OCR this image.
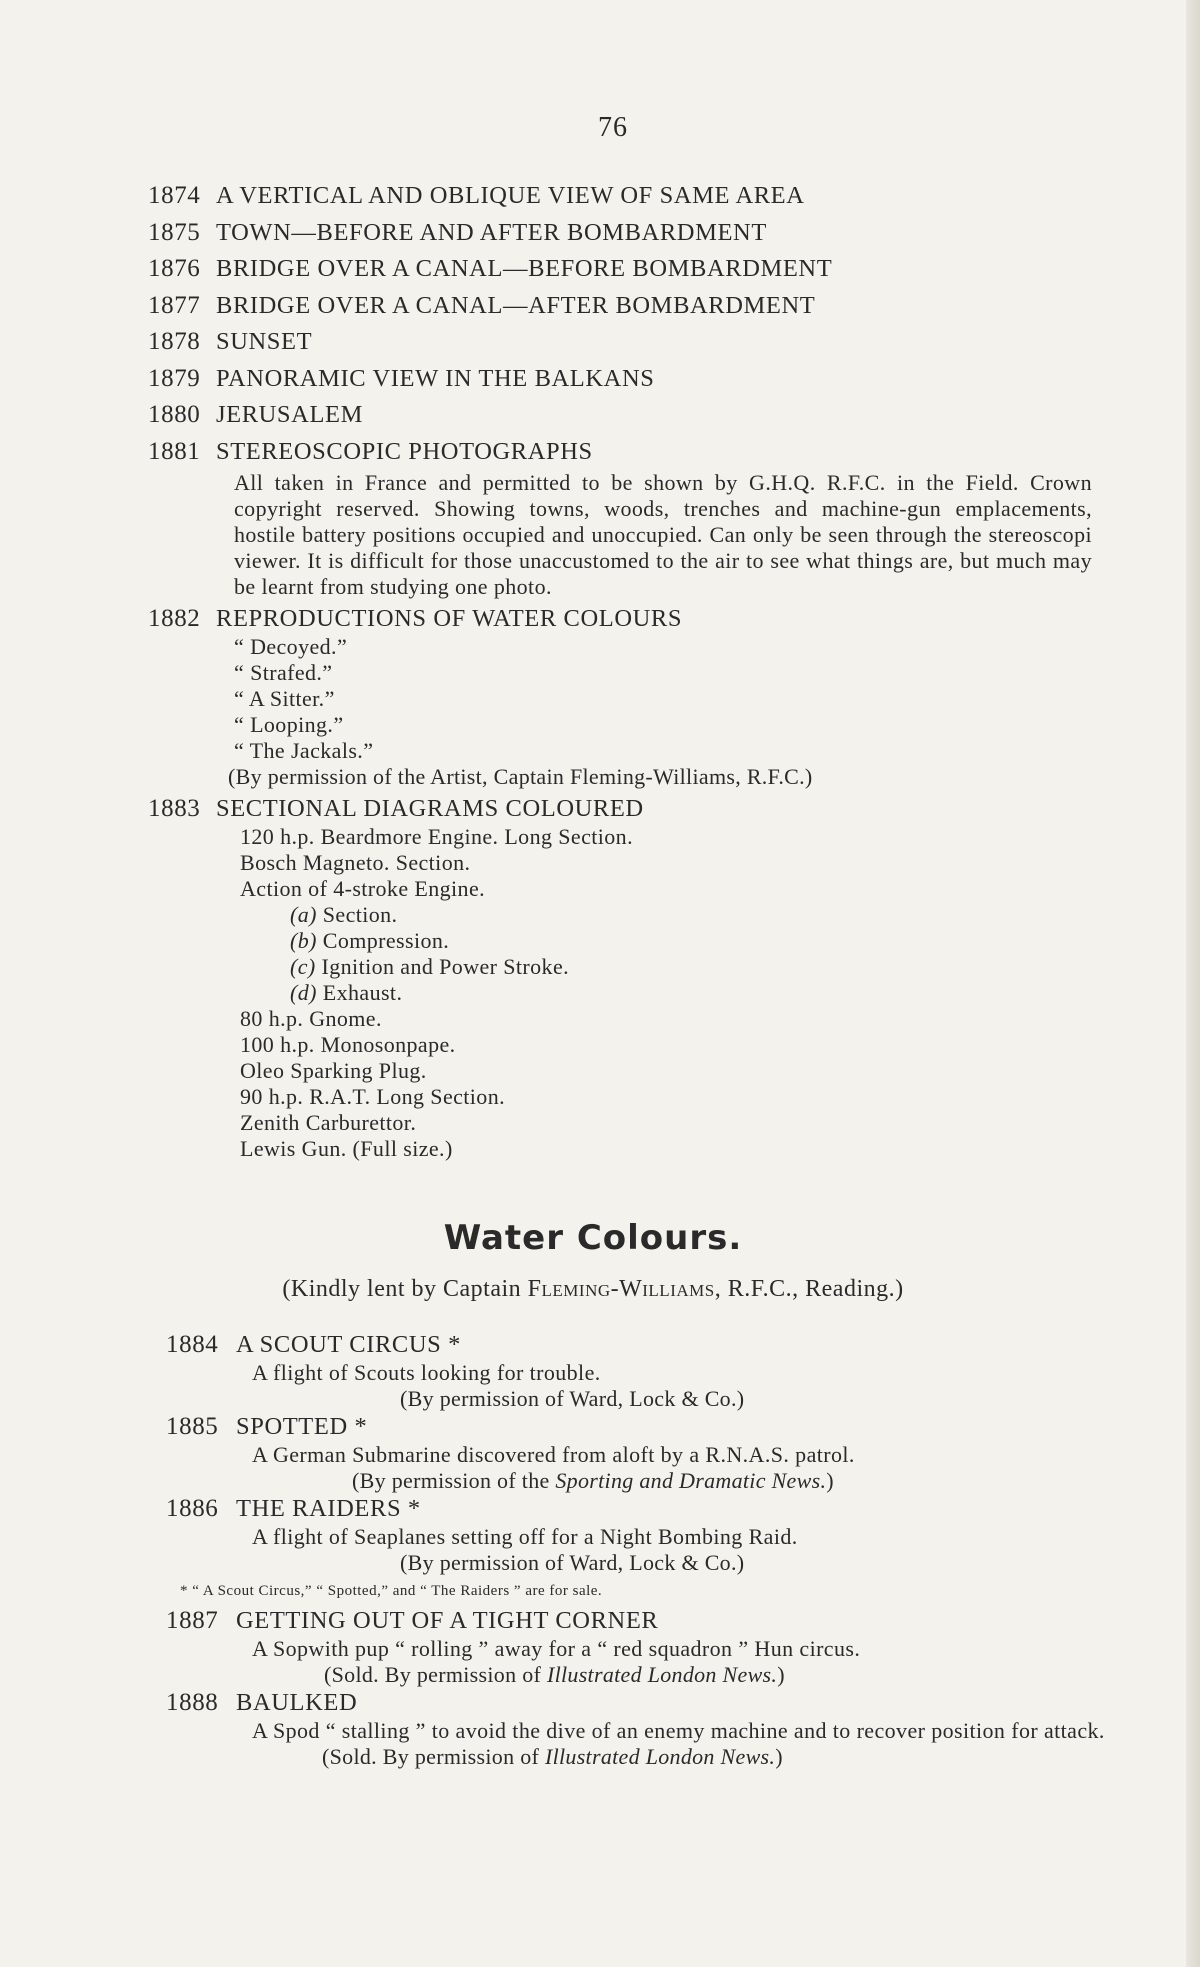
76
1874 A VERTICAL AND OBLIQUE VIEW OF SAME AREA
1875 TOWN—BEFORE AND AFTER BOMBARDMENT
1876 BRIDGE OVER A CANAL—BEFORE BOMBARDMENT
1877 BRIDGE OVER A CANAL—AFTER BOMBARDMENT
1878 SUNSET
1879 PANORAMIC VIEW IN THE BALKANS
1880 JERUSALEM
1881 STEREOSCOPIC PHOTOGRAPHS
All taken in France and permitted to be shown by G.H.Q. R.F.C. in the Field. Crown copyright reserved. Showing towns, woods, trenches and machine-gun emplacements, hostile battery positions occupied and unoccupied. Can only be seen through the stereoscopi viewer. It is difficult for those unaccustomed to the air to see what things are, but much may be learnt from studying one photo.
1882 REPRODUCTIONS OF WATER COLOURS
“ Decoyed.”
“ Strafed.”
“ A Sitter.”
“ Looping.”
“ The Jackals.”
(By permission of the Artist, Captain Fleming-Williams, R.F.C.)
1883 SECTIONAL DIAGRAMS COLOURED
120 h.p. Beardmore Engine. Long Section.
Bosch Magneto. Section.
Action of 4-stroke Engine.
(a) Section.
(b) Compression.
(c) Ignition and Power Stroke.
(d) Exhaust.
80 h.p. Gnome.
100 h.p. Monosonpape.
Oleo Sparking Plug.
90 h.p. R.A.T. Long Section.
Zenith Carburettor.
Lewis Gun. (Full size.)
Water Colours.
(Kindly lent by Captain Fleming-Williams, R.F.C., Reading.)
1884 A SCOUT CIRCUS *
A flight of Scouts looking for trouble.
(By permission of Ward, Lock & Co.)
1885 SPOTTED *
A German Submarine discovered from aloft by a R.N.A.S. patrol.
(By permission of the Sporting and Dramatic News.)
1886 THE RAIDERS *
A flight of Seaplanes setting off for a Night Bombing Raid.
(By permission of Ward, Lock & Co.)
* “ A Scout Circus,” “ Spotted,” and “ The Raiders ” are for sale.
1887 GETTING OUT OF A TIGHT CORNER
A Sopwith pup “ rolling ” away for a “ red squadron ” Hun circus.
(Sold. By permission of Illustrated London News.)
1888 BAULKED
A Spod “ stalling ” to avoid the dive of an enemy machine and to recover position for attack.
(Sold. By permission of Illustrated London News.)
